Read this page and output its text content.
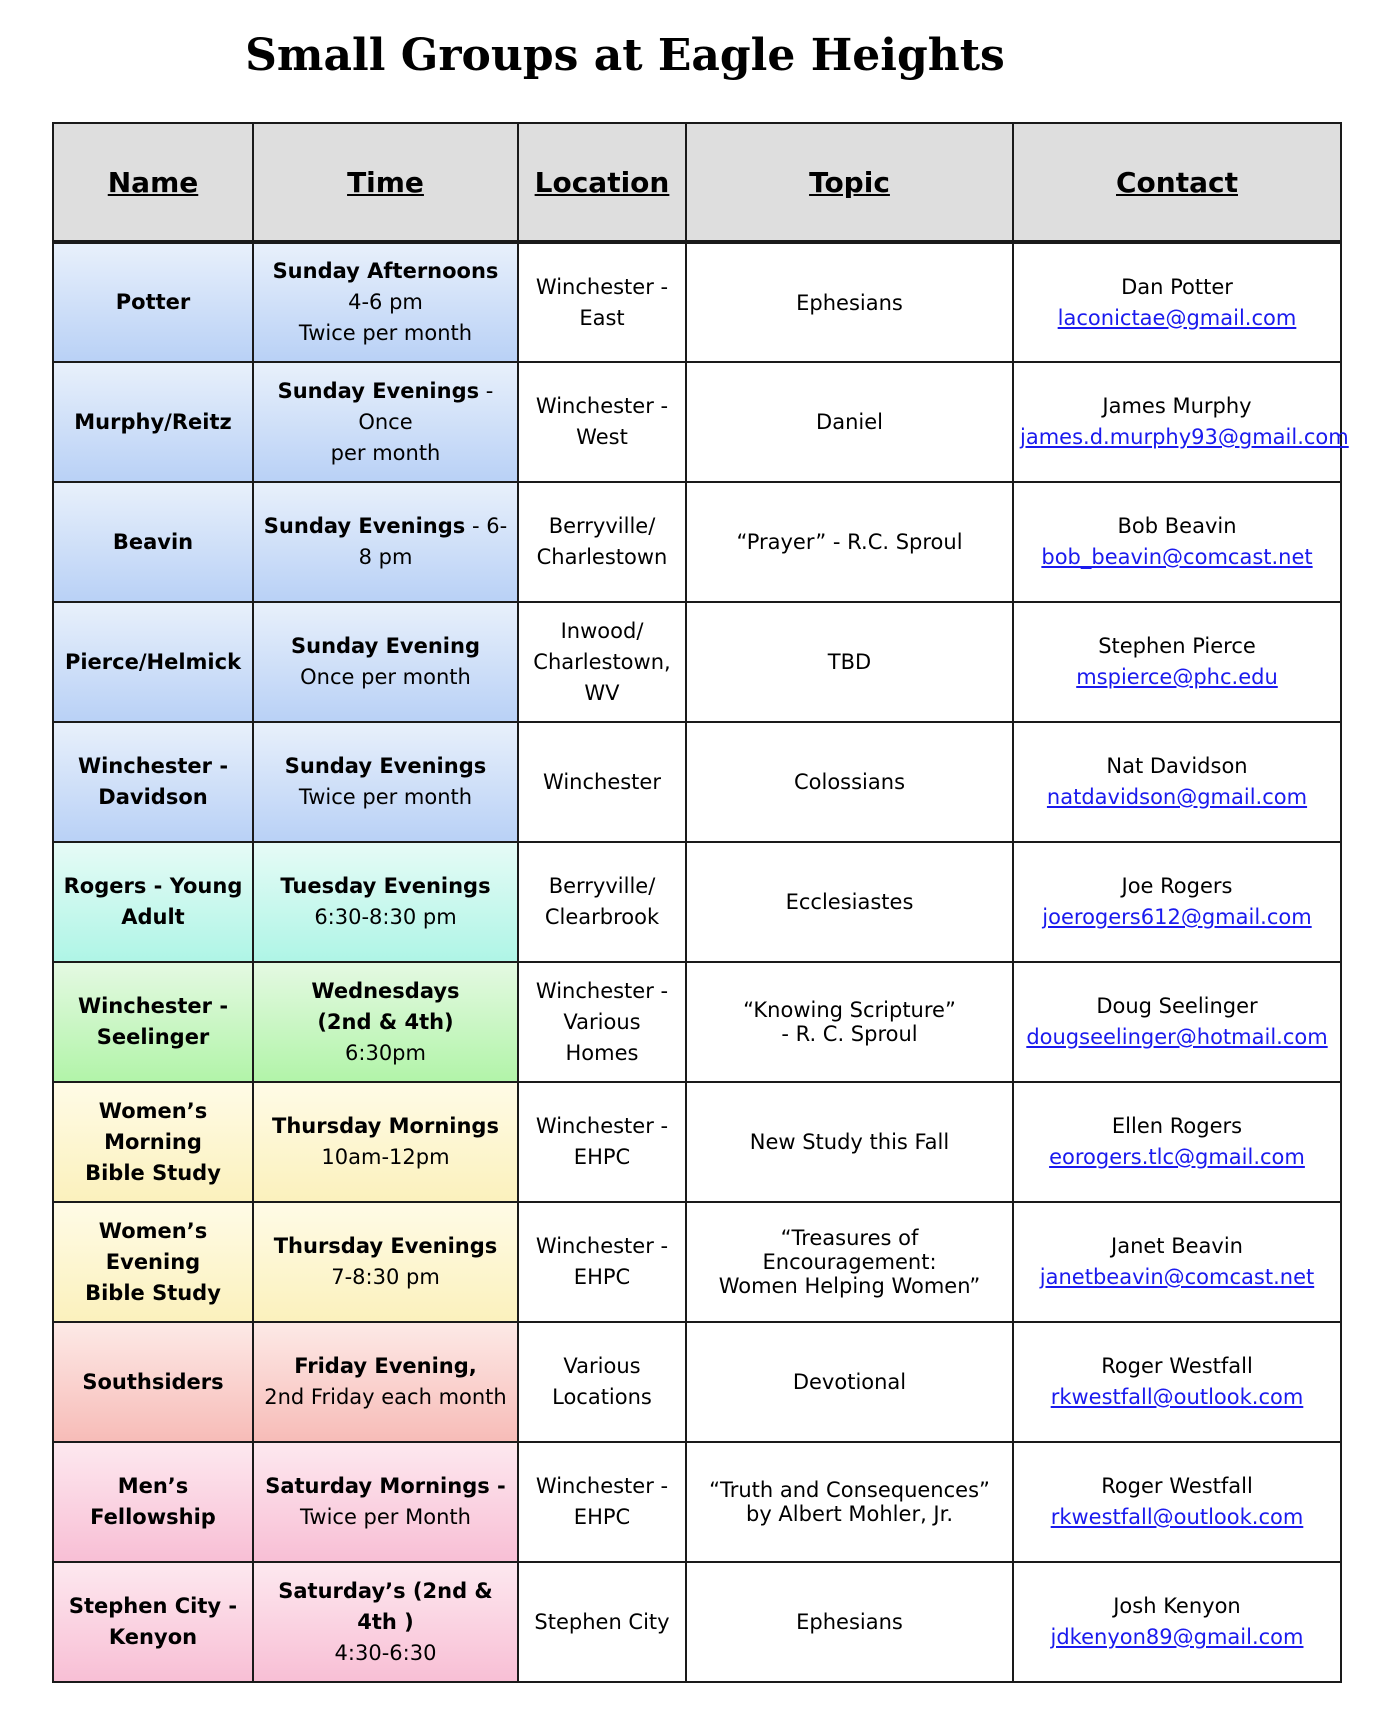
Small Groups at Eagle Heights
Name	Time	Location	Topic	Contact
Potter	Sunday Afternoons
4-6 pm
Twice per month	Winchester -
East	Ephesians	Dan Potter
laconictae@gmail.com
Murphy/Reitz	Sunday Evenings - Once
per month	Winchester -
West	Daniel	James Murphy
james.d.murphy93@gmail.com
Beavin	Sunday Evenings - 6-8 pm	Berryville/
Charlestown	“Prayer” - R.C. Sproul	Bob Beavin
bob_beavin@comcast.net
Pierce/Helmick	Sunday Evening
Once per month	Inwood/
Charlestown,
WV	TBD	Stephen Pierce
mspierce@phc.edu
Winchester -
Davidson	Sunday Evenings
Twice per month	Winchester	Colossians	Nat Davidson
natdavidson@gmail.com
Rogers - Young
Adult	Tuesday Evenings
6:30-8:30 pm	Berryville/
Clearbrook	Ecclesiastes	Joe Rogers
joerogers612@gmail.com
Winchester -
Seelinger	Wednesdays
(2nd & 4th)
6:30pm	Winchester -
Various Homes	“Knowing Scripture”
- R. C. Sproul	Doug Seelinger
dougseelinger@hotmail.com
Women’s Morning
Bible Study	Thursday Mornings
10am-12pm	Winchester -
EHPC	New Study this Fall	Ellen Rogers
eorogers.tlc@gmail.com
Women’s Evening
Bible Study	Thursday Evenings
7-8:30 pm	Winchester -
EHPC	“Treasures of Encouragement:
Women Helping Women”	Janet Beavin
janetbeavin@comcast.net
Southsiders	Friday Evening,
2nd Friday each month	Various
Locations	Devotional	Roger Westfall
rkwestfall@outlook.com
Men’s Fellowship	Saturday Mornings -
Twice per Month	Winchester -
EHPC	“Truth and Consequences”
by Albert Mohler, Jr.	Roger Westfall
rkwestfall@outlook.com
Stephen City -
Kenyon	Saturday’s (2nd & 4th )
4:30-6:30	Stephen City	Ephesians	Josh Kenyon
jdkenyon89@gmail.com
